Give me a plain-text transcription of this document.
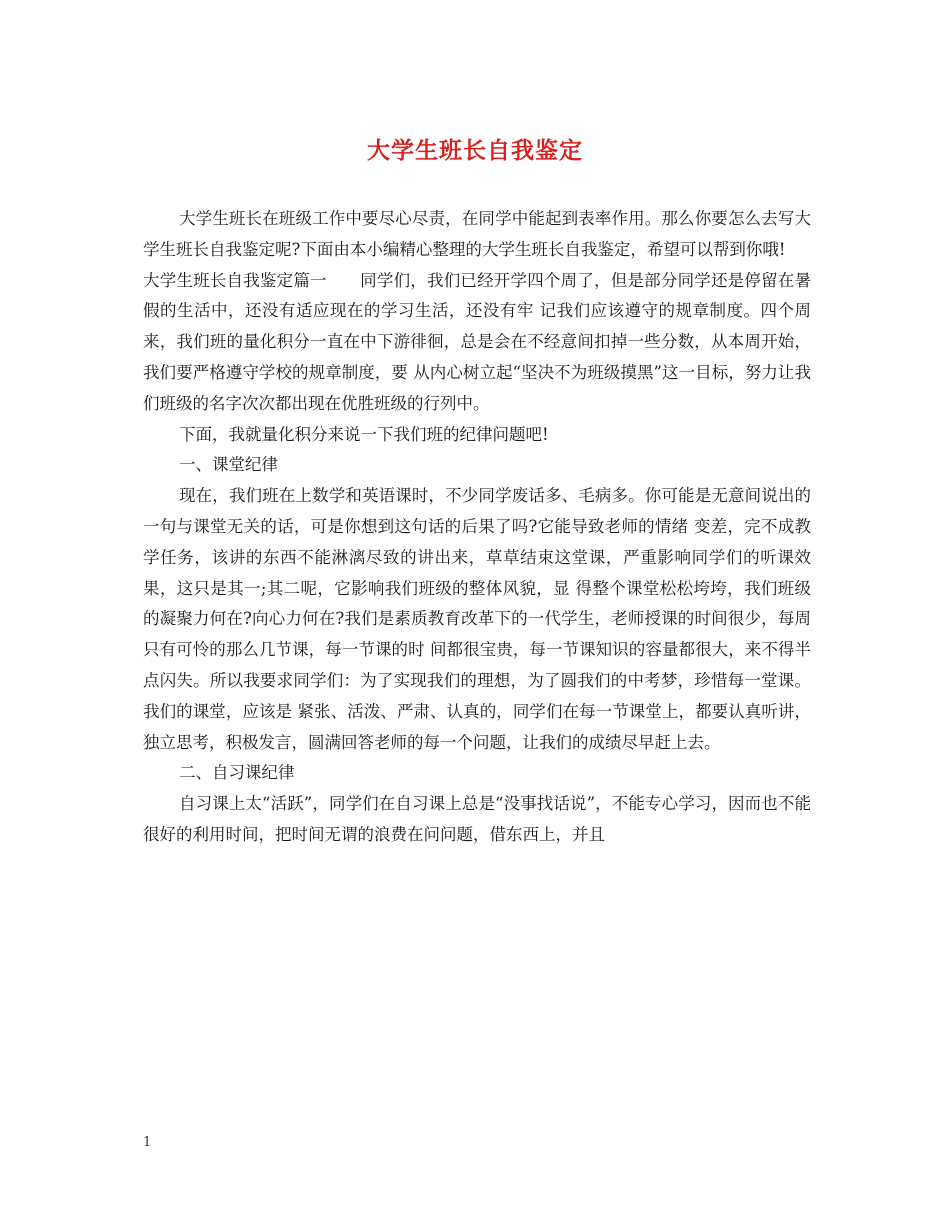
大学生班长自我鉴定

大学生班长在班级工作中要尽心尽责，在同学中能起到表率作用。那么你要怎么去写大学生班长自我鉴定呢?下面由本小编精心整理的大学生班长自我鉴定，希望可以帮到你哦!

大学生班长自我鉴定篇一　　同学们，我们已经开学四个周了，但是部分同学还是停留在暑假的生活中，还没有适应现在的学习生活，还没有牢 记我们应该遵守的规章制度。四个周来，我们班的量化积分一直在中下游徘徊，总是会在不经意间扣掉一些分数，从本周开始，我们要严格遵守学校的规章制度，要 从内心树立起“坚决不为班级摸黑”这一目标，努力让我们班级的名字次次都出现在优胜班级的行列中。

下面，我就量化积分来说一下我们班的纪律问题吧!

一、课堂纪律

现在，我们班在上数学和英语课时，不少同学废话多、毛病多。你可能是无意间说出的一句与课堂无关的话，可是你想到这句话的后果了吗?它能导致老师的情绪 变差，完不成教学任务，该讲的东西不能淋漓尽致的讲出来，草草结束这堂课，严重影响同学们的听课效果，这只是其一;其二呢，它影响我们班级的整体风貌，显 得整个课堂松松垮垮，我们班级的凝聚力何在?向心力何在?我们是素质教育改革下的一代学生，老师授课的时间很少，每周只有可怜的那么几节课，每一节课的时 间都很宝贵，每一节课知识的容量都很大，来不得半点闪失。所以我要求同学们：为了实现我们的理想，为了圆我们的中考梦，珍惜每一堂课。我们的课堂，应该是 紧张、活泼、严肃、认真的，同学们在每一节课堂上，都要认真听讲，独立思考，积极发言，圆满回答老师的每一个问题，让我们的成绩尽早赶上去。

二、自习课纪律

自习课上太“活跃”，同学们在自习课上总是“没事找话说”，不能专心学习，因而也不能很好的利用时间，把时间无谓的浪费在问问题，借东西上，并且

1
